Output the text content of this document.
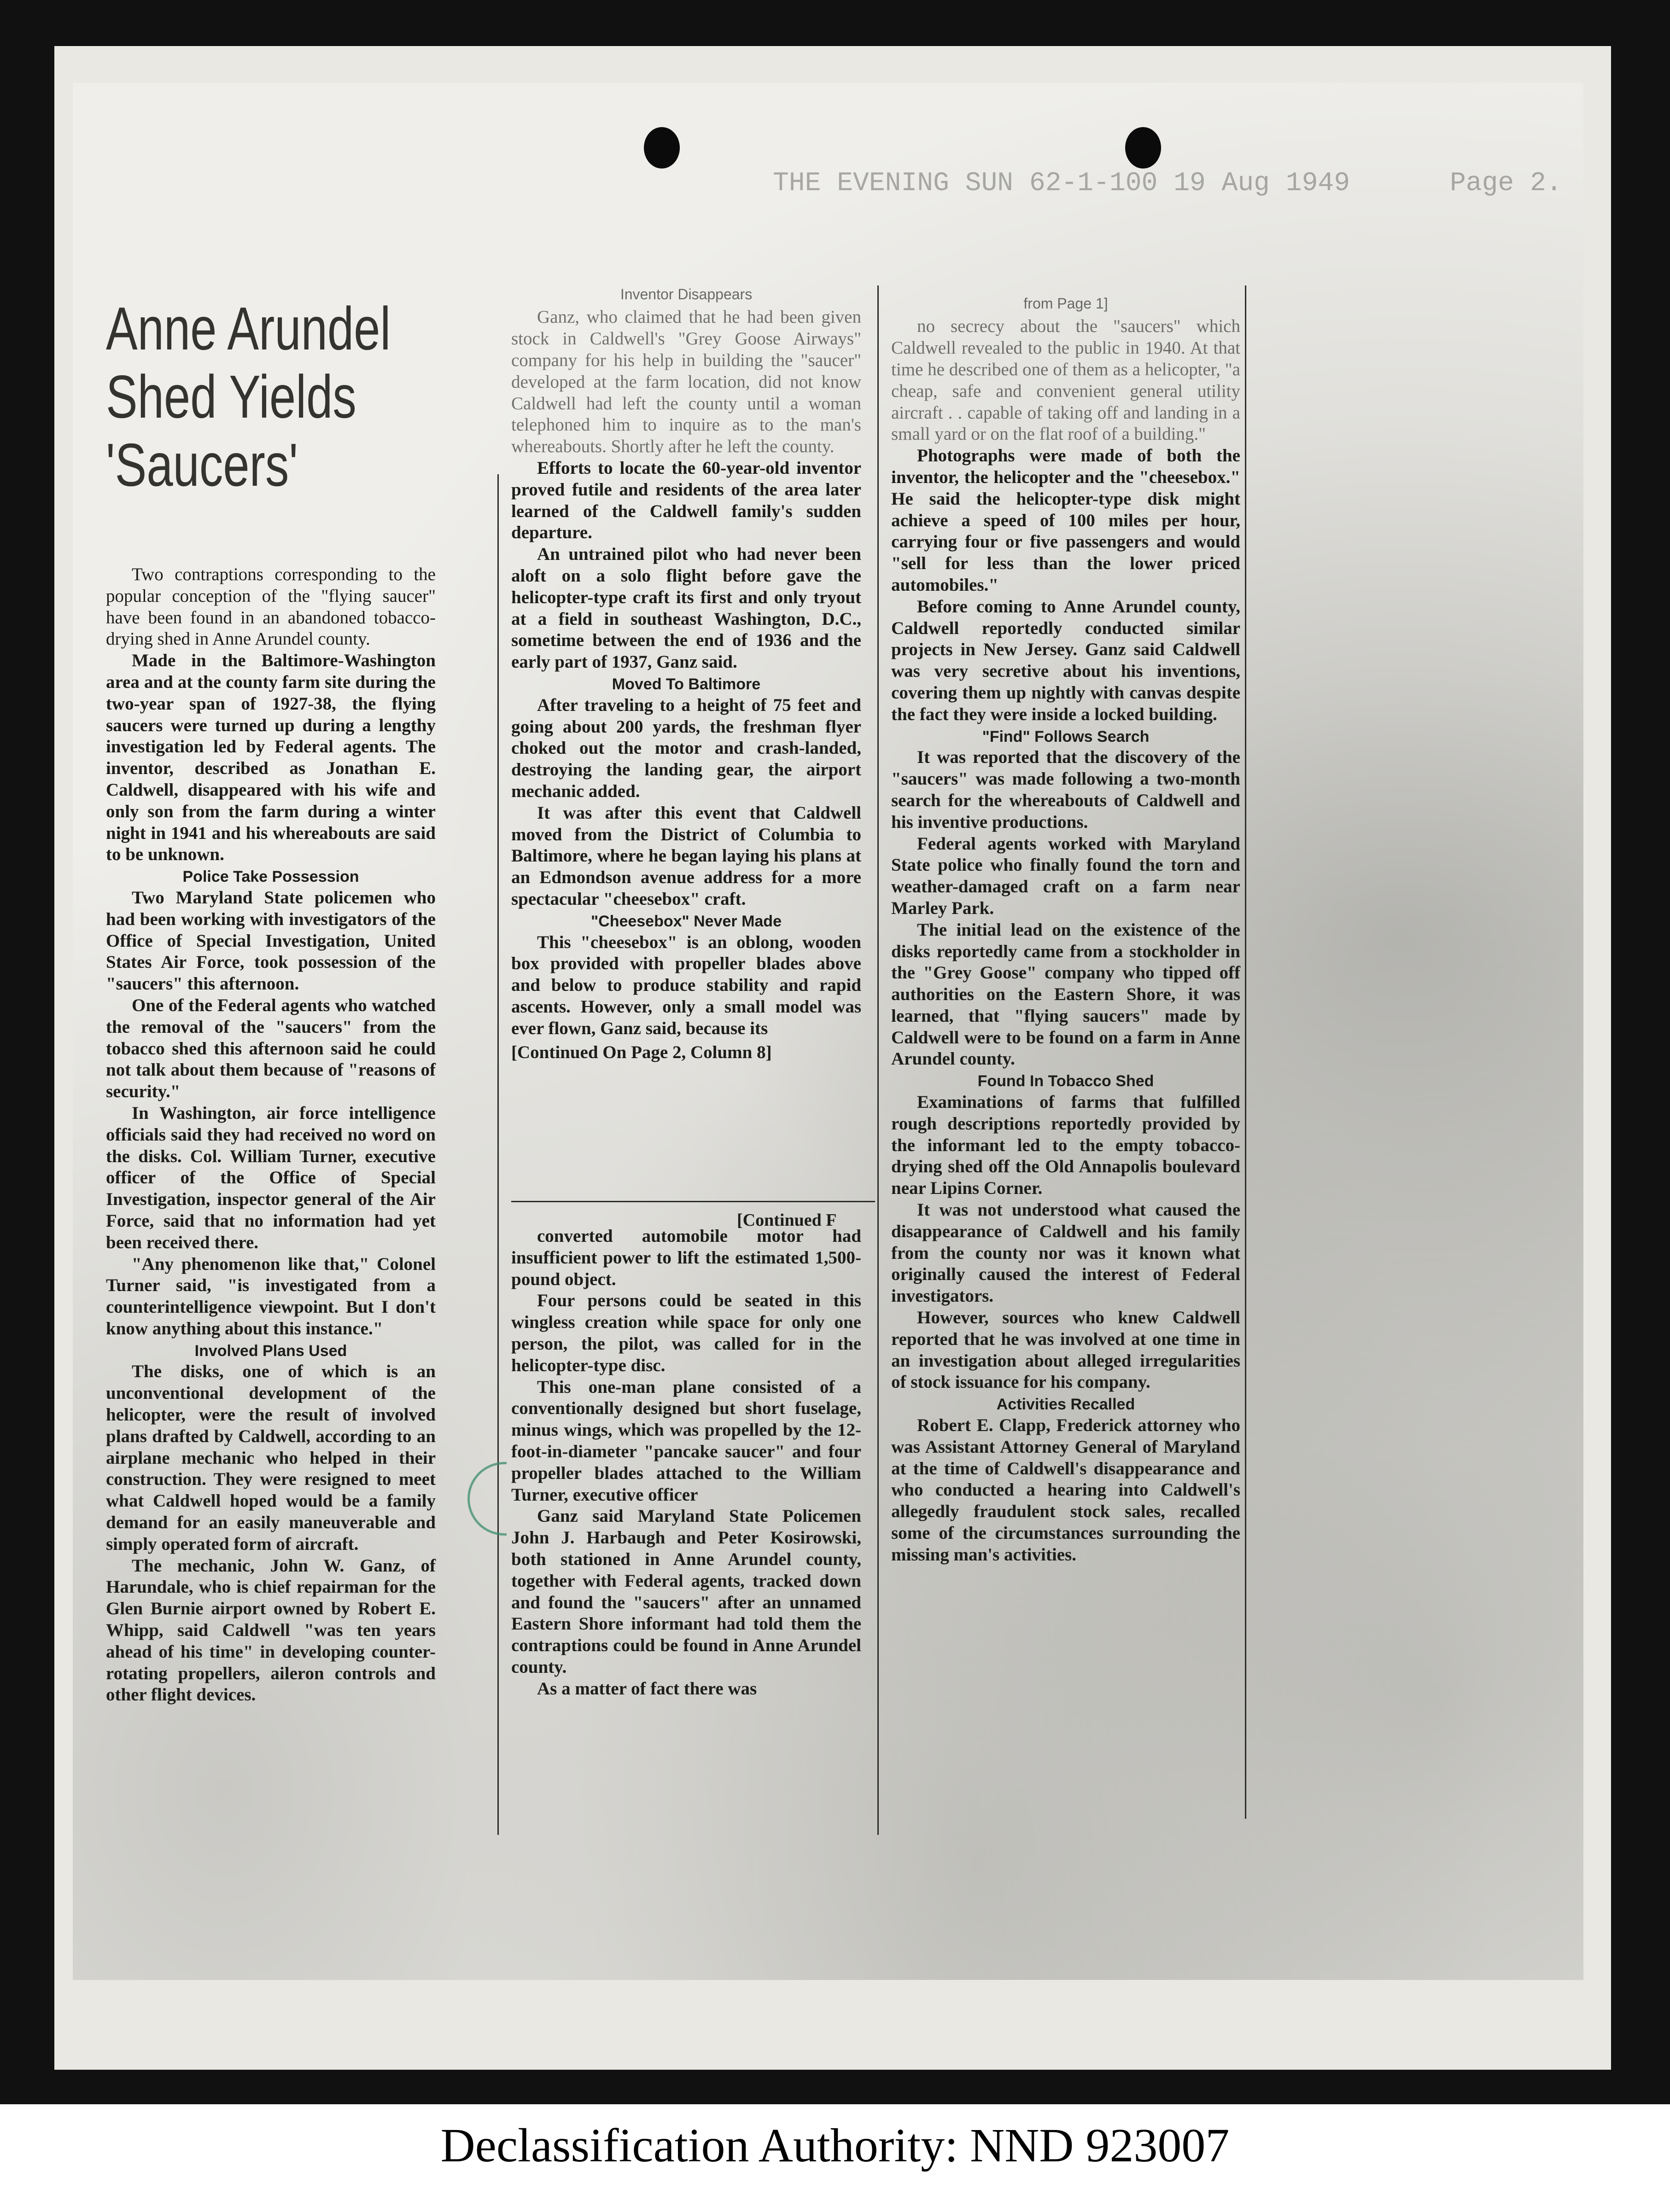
THE EVENING SUN 62-1-100 19 Aug 1949	Page 2.
Anne Arundel
Shed Yields
'Saucers'

Two contraptions corresponding to the popular conception of the "flying saucer" have been found in an abandoned tobacco-drying shed in Anne Arundel county.

Made in the Baltimore-Washington area and at the county farm site during the two-year span of 1927-38, the flying saucers were turned up during a lengthy investigation led by Federal agents. The inventor, described as Jonathan E. Caldwell, disappeared with his wife and only son from the farm during a winter night in 1941 and his whereabouts are said to be unknown.

Police Take Possession

Two Maryland State policemen who had been working with investigators of the Office of Special Investigation, United States Air Force, took possession of the "saucers" this afternoon.

One of the Federal agents who watched the removal of the "saucers" from the tobacco shed this afternoon said he could not talk about them because of "reasons of security."

In Washington, air force intelligence officials said they had received no word on the disks. Col. William Turner, executive officer of the Office of Special Investigation, inspector general of the Air Force, said that no information had yet been received there.

"Any phenomenon like that," Colonel Turner said, "is investigated from a counterintelligence viewpoint. But I don't know anything about this instance."

Involved Plans Used

The disks, one of which is an unconventional development of the helicopter, were the result of involved plans drafted by Caldwell, according to an airplane mechanic who helped in their construction. They were resigned to meet what Caldwell hoped would be a family demand for an easily maneuverable and simply operated form of aircraft.

The mechanic, John W. Ganz, of Harundale, who is chief repairman for the Glen Burnie airport owned by Robert E. Whipp, said Caldwell "was ten years ahead of his time" in developing counter-rotating propellers, aileron controls and other flight devices.

Inventor Disappears

Ganz, who claimed that he had been given stock in Caldwell's "Grey Goose Airways" company for his help in building the "saucer" developed at the farm location, did not know Caldwell had left the county until a woman telephoned him to inquire as to the man's whereabouts. Shortly after he left the county.

Efforts to locate the 60-year-old inventor proved futile and residents of the area later learned of the Caldwell family's sudden departure.

An untrained pilot who had never been aloft on a solo flight before gave the helicopter-type craft its first and only tryout at a field in southeast Washington, D.C., sometime between the end of 1936 and the early part of 1937, Ganz said.

Moved To Baltimore

After traveling to a height of 75 feet and going about 200 yards, the freshman flyer choked out the motor and crash-landed, destroying the landing gear, the airport mechanic added.

It was after this event that Caldwell moved from the District of Columbia to Baltimore, where he began laying his plans at an Edmondson avenue address for a more spectacular "cheesebox" craft.

"Cheesebox" Never Made

This "cheesebox" is an oblong, wooden box provided with propeller blades above and below to produce stability and rapid ascents. However, only a small model was ever flown, Ganz said, because its

[Continued On Page 2, Column 8]

[Continued F

converted automobile motor had insufficient power to lift the estimated 1,500-pound object.

Four persons could be seated in this wingless creation while space for only one person, the pilot, was called for in the helicopter-type disc.

This one-man plane consisted of a conventionally designed but short fuselage, minus wings, which was propelled by the 12-foot-in-diameter "pancake saucer" and four propeller blades attached to the William Turner, executive officer

Ganz said Maryland State Policemen John J. Harbaugh and Peter Kosirowski, both stationed in Anne Arundel county, together with Federal agents, tracked down and found the "saucers" after an unnamed Eastern Shore informant had told them the contraptions could be found in Anne Arundel county.

As a matter of fact there was

from Page 1]

no secrecy about the "saucers" which Caldwell revealed to the public in 1940. At that time he described one of them as a helicopter, "a cheap, safe and convenient general utility aircraft . . capable of taking off and landing in a small yard or on the flat roof of a building."

Photographs were made of both the inventor, the helicopter and the "cheesebox." He said the helicopter-type disk might achieve a speed of 100 miles per hour, carrying four or five passengers and would "sell for less than the lower priced automobiles."

Before coming to Anne Arundel county, Caldwell reportedly conducted similar projects in New Jersey. Ganz said Caldwell was very secretive about his inventions, covering them up nightly with canvas despite the fact they were inside a locked building.

"Find" Follows Search

It was reported that the discovery of the "saucers" was made following a two-month search for the whereabouts of Caldwell and his inventive productions.

Federal agents worked with Maryland State police who finally found the torn and weather-damaged craft on a farm near Marley Park.

The initial lead on the existence of the disks reportedly came from a stockholder in the "Grey Goose" company who tipped off authorities on the Eastern Shore, it was learned, that "flying saucers" made by Caldwell were to be found on a farm in Anne Arundel county.

Found In Tobacco Shed

Examinations of farms that fulfilled rough descriptions reportedly provided by the informant led to the empty tobacco-drying shed off the Old Annapolis boulevard near Lipins Corner.

It was not understood what caused the disappearance of Caldwell and his family from the county nor was it known what originally caused the interest of Federal investigators.

However, sources who knew Caldwell reported that he was involved at one time in an investigation about alleged irregularities of stock issuance for his company.

Activities Recalled

Robert E. Clapp, Frederick attorney who was Assistant Attorney General of Maryland at the time of Caldwell's disappearance and who conducted a hearing into Caldwell's allegedly fraudulent stock sales, recalled some of the circumstances surrounding the missing man's activities.

Declassification Authority: NND 923007
